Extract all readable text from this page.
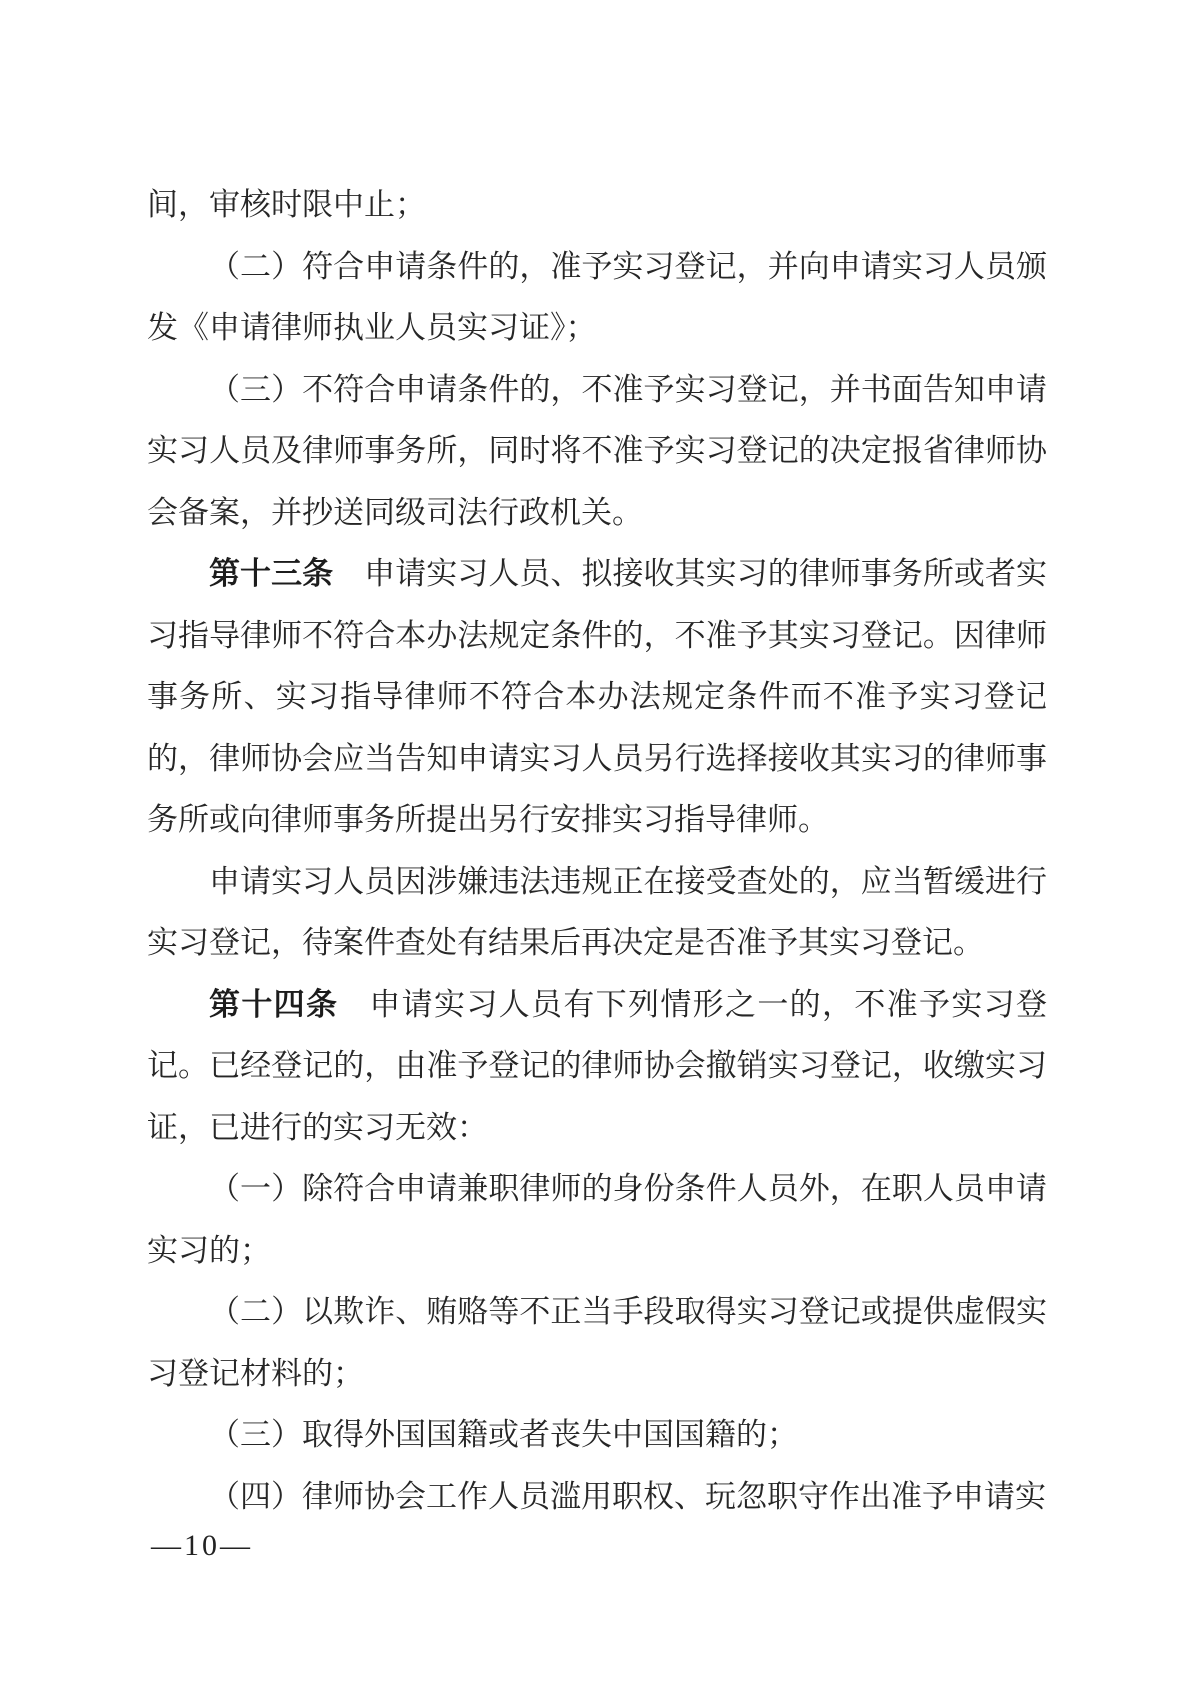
间，审核时限中止；

（二）符合申请条件的，准予实习登记，并向申请实习人员颁发《申请律师执业人员实习证》；

（三）不符合申请条件的，不准予实习登记，并书面告知申请实习人员及律师事务所，同时将不准予实习登记的决定报省律师协会备案，并抄送同级司法行政机关。

第十三条 申请实习人员、拟接收其实习的律师事务所或者实习指导律师不符合本办法规定条件的，不准予其实习登记。因律师事务所、实习指导律师不符合本办法规定条件而不准予实习登记的，律师协会应当告知申请实习人员另行选择接收其实习的律师事务所或向律师事务所提出另行安排实习指导律师。

申请实习人员因涉嫌违法违规正在接受查处的，应当暂缓进行实习登记，待案件查处有结果后再决定是否准予其实习登记。

第十四条 申请实习人员有下列情形之一的，不准予实习登记。已经登记的，由准予登记的律师协会撤销实习登记，收缴实习证，已进行的实习无效：

（一）除符合申请兼职律师的身份条件人员外，在职人员申请实习的；

（二）以欺诈、贿赂等不正当手段取得实习登记或提供虚假实习登记材料的；

（三）取得外国国籍或者丧失中国国籍的；

（四）律师协会工作人员滥用职权、玩忽职守作出准予申请实

—10—
